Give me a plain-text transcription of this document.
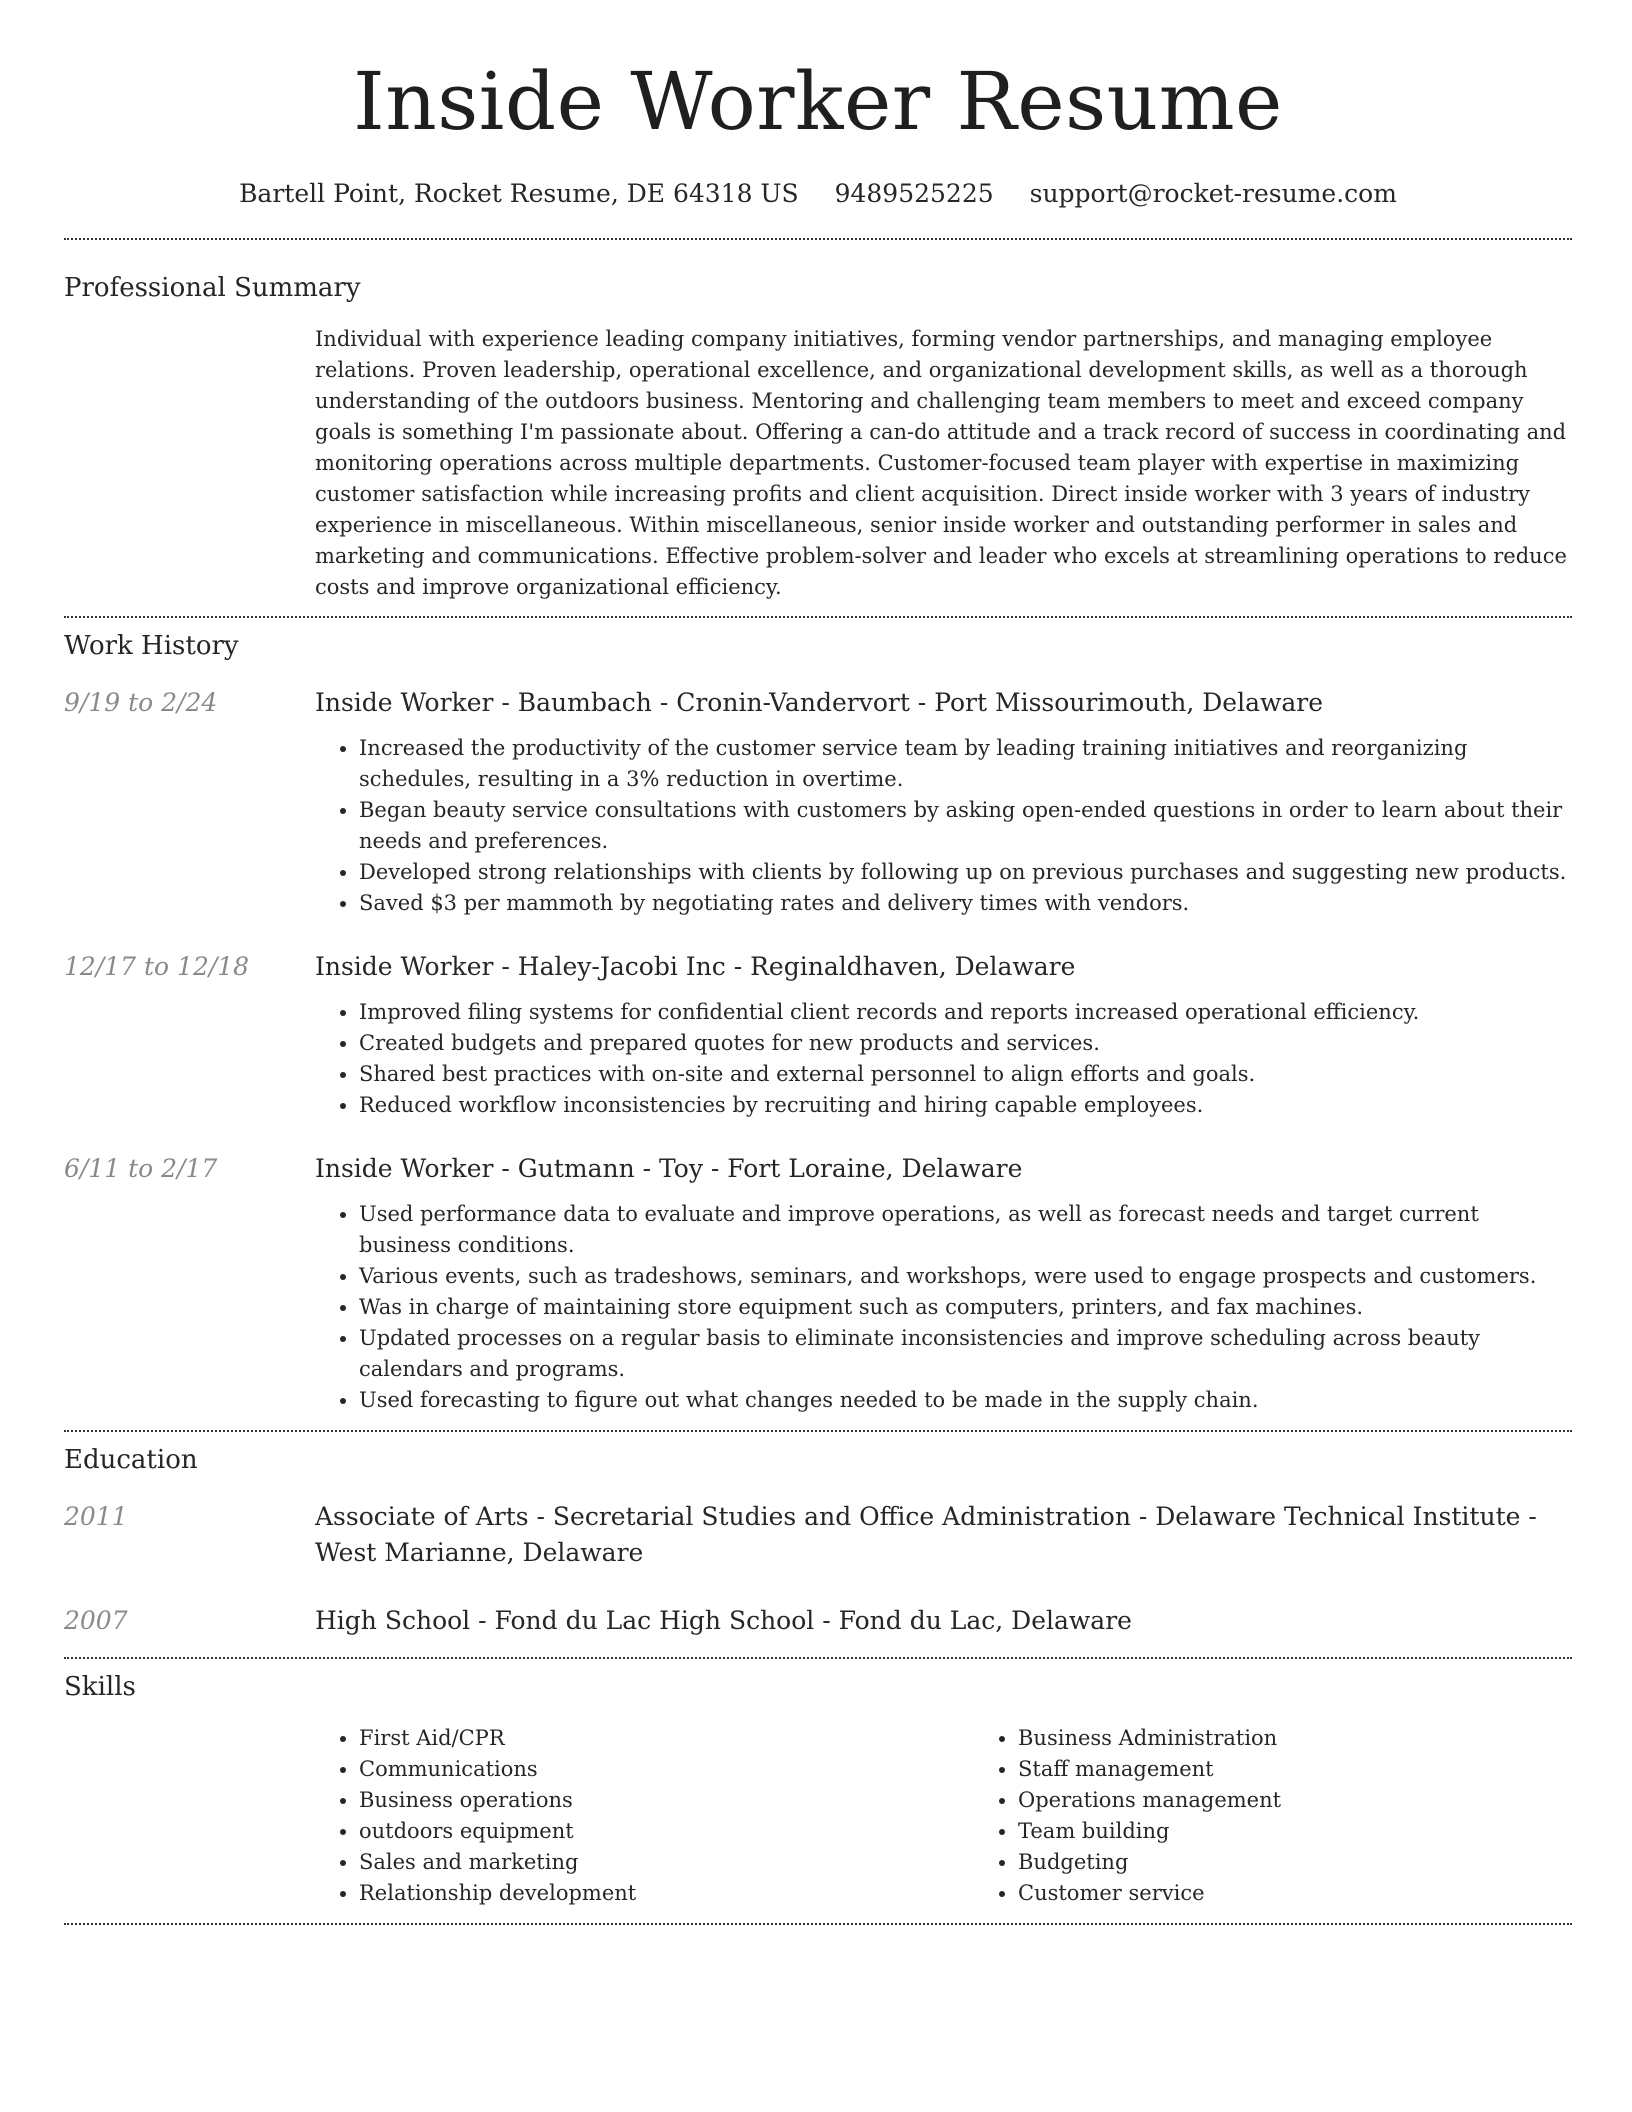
Inside Worker Resume
Bartell Point, Rocket Resume, DE 64318 US 9489525225 support@rocket-resume.com
Professional Summary

Individual with experience leading company initiatives, forming vendor partnerships, and managing employee relations. Proven leadership, operational excellence, and organizational development skills, as well as a thorough understanding of the outdoors business. Mentoring and challenging team members to meet and exceed company goals is something I'm passionate about. Offering a can-do attitude and a track record of success in coordinating and monitoring operations across multiple departments. Customer-focused team player with expertise in maximizing customer satisfaction while increasing profits and client acquisition. Direct inside worker with 3 years of industry experience in miscellaneous. Within miscellaneous, senior inside worker and outstanding performer in sales and marketing and communications. Effective problem-solver and leader who excels at streamlining operations to reduce costs and improve organizational efficiency.

Work History
9/19 to 2/24	Inside Worker - Baumbach - Cronin-Vandervort - Port Missourimouth, Delaware

• Increased the productivity of the customer service team by leading training initiatives and reorganizing schedules, resulting in a 3% reduction in overtime.
• Began beauty service consultations with customers by asking open-ended questions in order to learn about their needs and preferences.
• Developed strong relationships with clients by following up on previous purchases and suggesting new products.
• Saved $3 per mammoth by negotiating rates and delivery times with vendors.
12/17 to 12/18	Inside Worker - Haley-Jacobi Inc - Reginaldhaven, Delaware

• Improved filing systems for confidential client records and reports increased operational efficiency.
• Created budgets and prepared quotes for new products and services.
• Shared best practices with on-site and external personnel to align efforts and goals.
• Reduced workflow inconsistencies by recruiting and hiring capable employees.
6/11 to 2/17	Inside Worker - Gutmann - Toy - Fort Loraine, Delaware

• Used performance data to evaluate and improve operations, as well as forecast needs and target current business conditions.
• Various events, such as tradeshows, seminars, and workshops, were used to engage prospects and customers.
• Was in charge of maintaining store equipment such as computers, printers, and fax machines.
• Updated processes on a regular basis to eliminate inconsistencies and improve scheduling across beauty calendars and programs.
• Used forecasting to figure out what changes needed to be made in the supply chain.
Education
2011	Associate of Arts - Secretarial Studies and Office Administration - Delaware Technical Institute - West Marianne, Delaware

2007	High School - Fond du Lac High School - Fond du Lac, Delaware

Skills
• First Aid/CPR
• Communications
• Business operations
• outdoors equipment
• Sales and marketing
• Relationship development
• Business Administration
• Staff management
• Operations management
• Team building
• Budgeting
• Customer service
